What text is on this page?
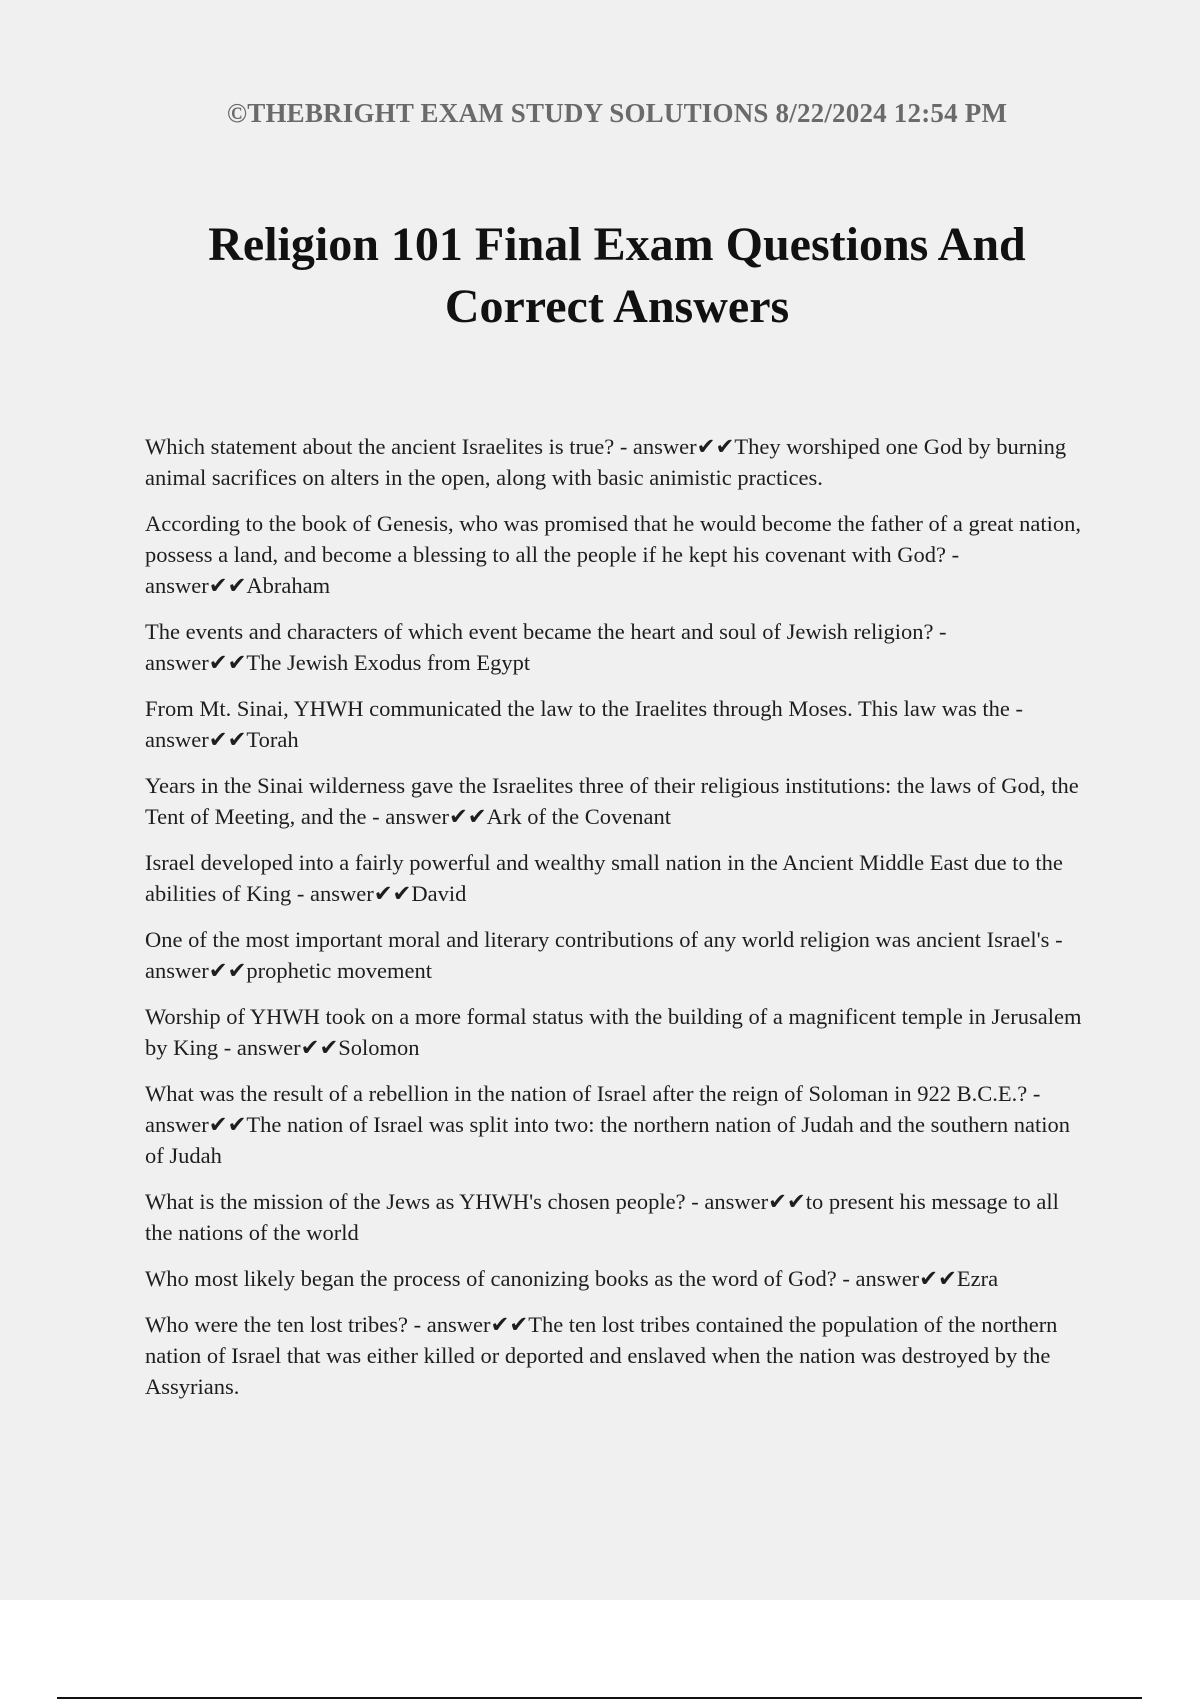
©THEBRIGHT EXAM STUDY SOLUTIONS 8/22/2024 12:54 PM
Religion 101 Final Exam Questions And
Correct Answers

Which statement about the ancient Israelites is true? - answer✔✔They worshiped one God by burning animal sacrifices on alters in the open, along with basic animistic practices.

According to the book of Genesis, who was promised that he would become the father of a great nation, possess a land, and become a blessing to all the people if he kept his covenant with God? - answer✔✔Abraham

The events and characters of which event became the heart and soul of Jewish religion? - answer✔✔The Jewish Exodus from Egypt

From Mt. Sinai, YHWH communicated the law to the Iraelites through Moses. This law was the - answer✔✔Torah

Years in the Sinai wilderness gave the Israelites three of their religious institutions: the laws of God, the Tent of Meeting, and the - answer✔✔Ark of the Covenant

Israel developed into a fairly powerful and wealthy small nation in the Ancient Middle East due to the abilities of King - answer✔✔David

One of the most important moral and literary contributions of any world religion was ancient Israel's - answer✔✔prophetic movement

Worship of YHWH took on a more formal status with the building of a magnificent temple in Jerusalem by King - answer✔✔Solomon

What was the result of a rebellion in the nation of Israel after the reign of Soloman in 922 B.C.E.? - answer✔✔The nation of Israel was split into two: the northern nation of Judah and the southern nation of Judah

What is the mission of the Jews as YHWH's chosen people? - answer✔✔to present his message to all the nations of the world

Who most likely began the process of canonizing books as the word of God? - answer✔✔Ezra

Who were the ten lost tribes? - answer✔✔The ten lost tribes contained the population of the northern nation of Israel that was either killed or deported and enslaved when the nation was destroyed by the Assyrians.
